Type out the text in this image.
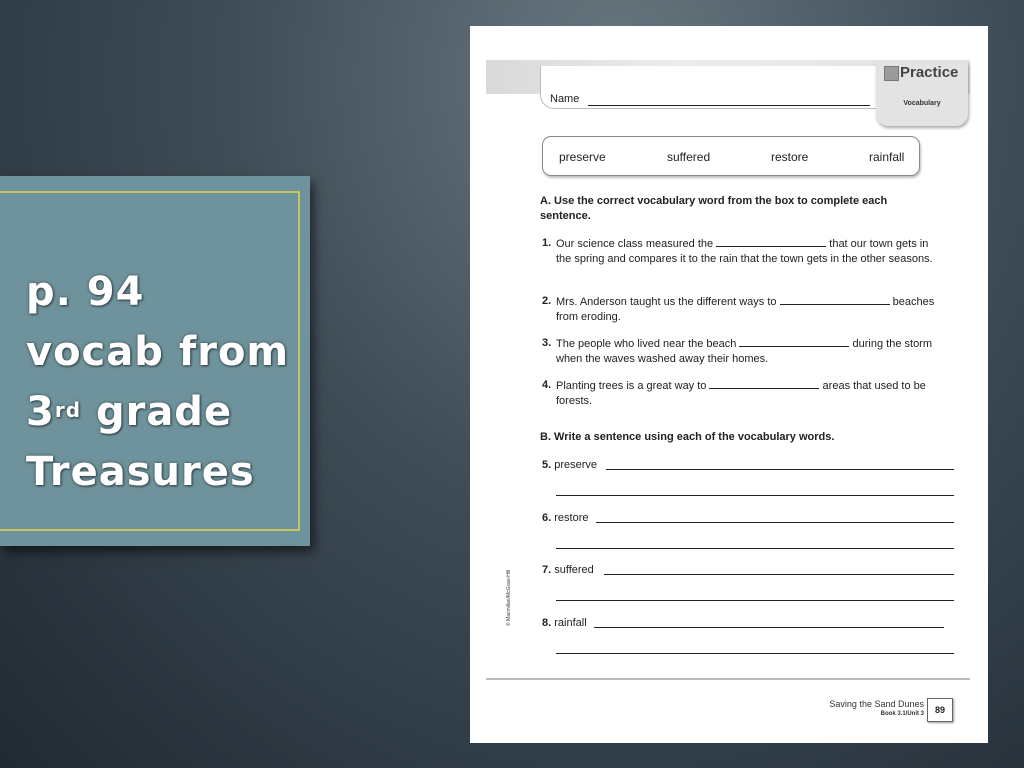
p. 94
vocab from
3rd grade
Treasures
Name
Practice
Vocabulary
preserve	suffered	restore	rainfall
A. Use the correct vocabulary word from the box to complete each sentence.
1. Our science class measured the	that our town gets in the spring and compares it to the rain that the town gets in the other seasons.
2. Mrs. Anderson taught us the different ways to	beaches from eroding.
3. The people who lived near the beach	during the storm when the waves washed away their homes.
4. Planting trees is a great way to	areas that used to be forests.
B. Write a sentence using each of the vocabulary words.
5. preserve
6. restore
7. suffered
8. rainfall
© Macmillan/McGraw-Hill
Saving the Sand Dunes
Book 3.1/Unit 3	89
